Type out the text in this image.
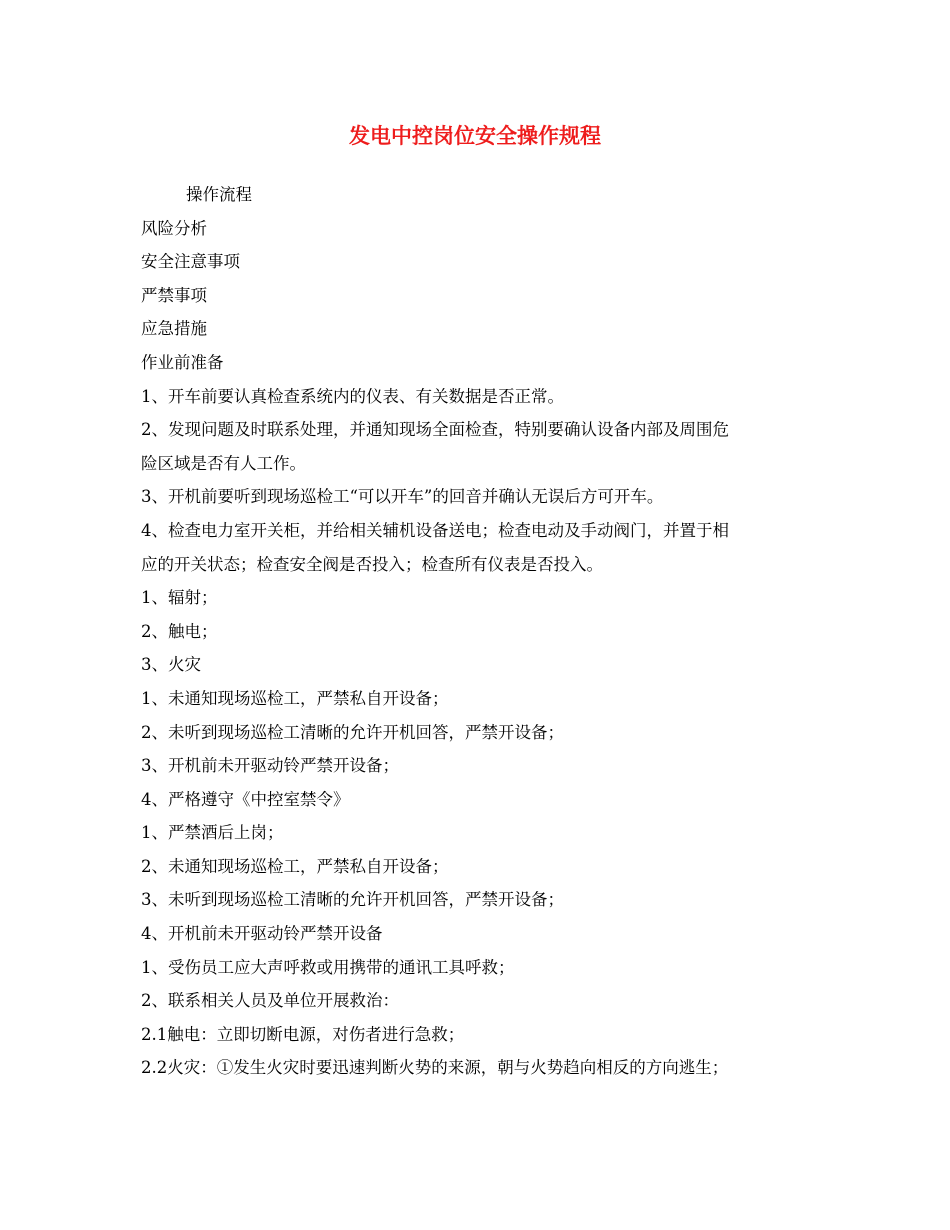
发电中控岗位安全操作规程

操作流程

风险分析

安全注意事项

严禁事项

应急措施

作业前准备

1、开车前要认真检查系统内的仪表、有关数据是否正常。

2、发现问题及时联系处理，并通知现场全面检查，特别要确认设备内部及周围危

险区域是否有人工作。

3、开机前要听到现场巡检工“可以开车”的回音并确认无误后方可开车。

4、检查电力室开关柜，并给相关辅机设备送电；检查电动及手动阀门，并置于相

应的开关状态；检查安全阀是否投入；检查所有仪表是否投入。

1、辐射；

2、触电；

3、火灾

1、未通知现场巡检工，严禁私自开设备；

2、未听到现场巡检工清晰的允许开机回答，严禁开设备；

3、开机前未开驱动铃严禁开设备；

4、严格遵守《中控室禁令》

1、严禁酒后上岗；

2、未通知现场巡检工，严禁私自开设备；

3、未听到现场巡检工清晰的允许开机回答，严禁开设备；

4、开机前未开驱动铃严禁开设备

1、受伤员工应大声呼救或用携带的通讯工具呼救；

2、联系相关人员及单位开展救治：

2.1触电：立即切断电源，对伤者进行急救；

2.2火灾：①发生火灾时要迅速判断火势的来源，朝与火势趋向相反的方向逃生；
